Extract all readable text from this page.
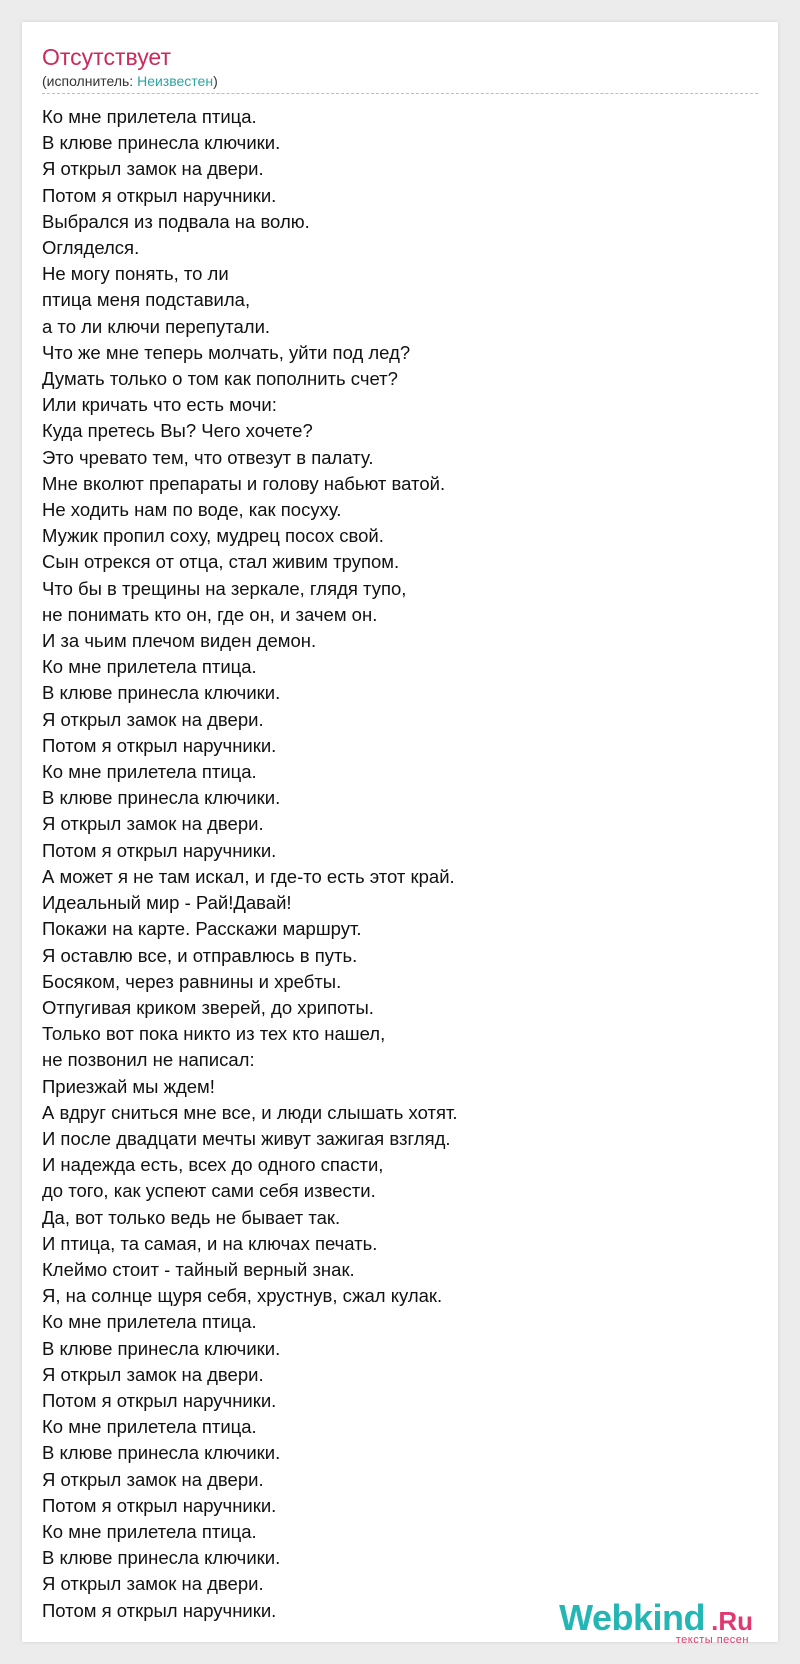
Отсутствует
(исполнитель: Неизвестен)
Ко мне прилетела птица.
В клюве принесла ключики.
Я открыл замок на двери.
Потом я открыл наручники.
Выбрался из подвала на волю.
Огляделся.
Не могу понять, то ли
птица меня подставила,
а то ли ключи перепутали.
Что же мне теперь молчать, уйти под лед?
Думать только о том как пополнить счет?
Или кричать что есть мочи:
Куда претесь Вы? Чего хочете?
Это чревато тем, что отвезут в палату.
Мне вколют препараты и голову набьют ватой.
Не ходить нам по воде, как посуху.
Мужик пропил соху, мудрец посох свой.
Сын отрекся от отца, стал живим трупом.
Что бы в трещины на зеркале, глядя тупо,
не понимать кто он, где он, и зачем он.
И за чьим плечом виден демон.
Ко мне прилетела птица.
В клюве принесла ключики.
Я открыл замок на двери.
Потом я открыл наручники.
Ко мне прилетела птица.
В клюве принесла ключики.
Я открыл замок на двери.
Потом я открыл наручники.
А может я не там искал, и где-то есть этот край.
Идеальный мир - Рай!Давай!
Покажи на карте. Расскажи маршрут.
Я оставлю все, и отправлюсь в путь.
Босяком, через равнины и хребты.
Отпугивая криком зверей, до хрипоты.
Только вот пока никто из тех кто нашел,
не позвонил не написал:
Приезжай мы ждем!
А вдруг сниться мне все, и люди слышать хотят.
И после двадцати мечты живут зажигая взгляд.
И надежда есть, всех до одного спасти,
до того, как успеют сами себя извести.
Да, вот только ведь не бывает так.
И птица, та самая, и на ключах печать.
Клеймо стоит - тайный верный знак.
Я, на солнце щуря себя, хрустнув, сжал кулак.
Ко мне прилетела птица.
В клюве принесла ключики.
Я открыл замок на двери.
Потом я открыл наручники.
Ко мне прилетела птица.
В клюве принесла ключики.
Я открыл замок на двери.
Потом я открыл наручники.
Ко мне прилетела птица.
В клюве принесла ключики.
Я открыл замок на двери.
Потом я открыл наручники.	Webkind .Ru
тексты песен
